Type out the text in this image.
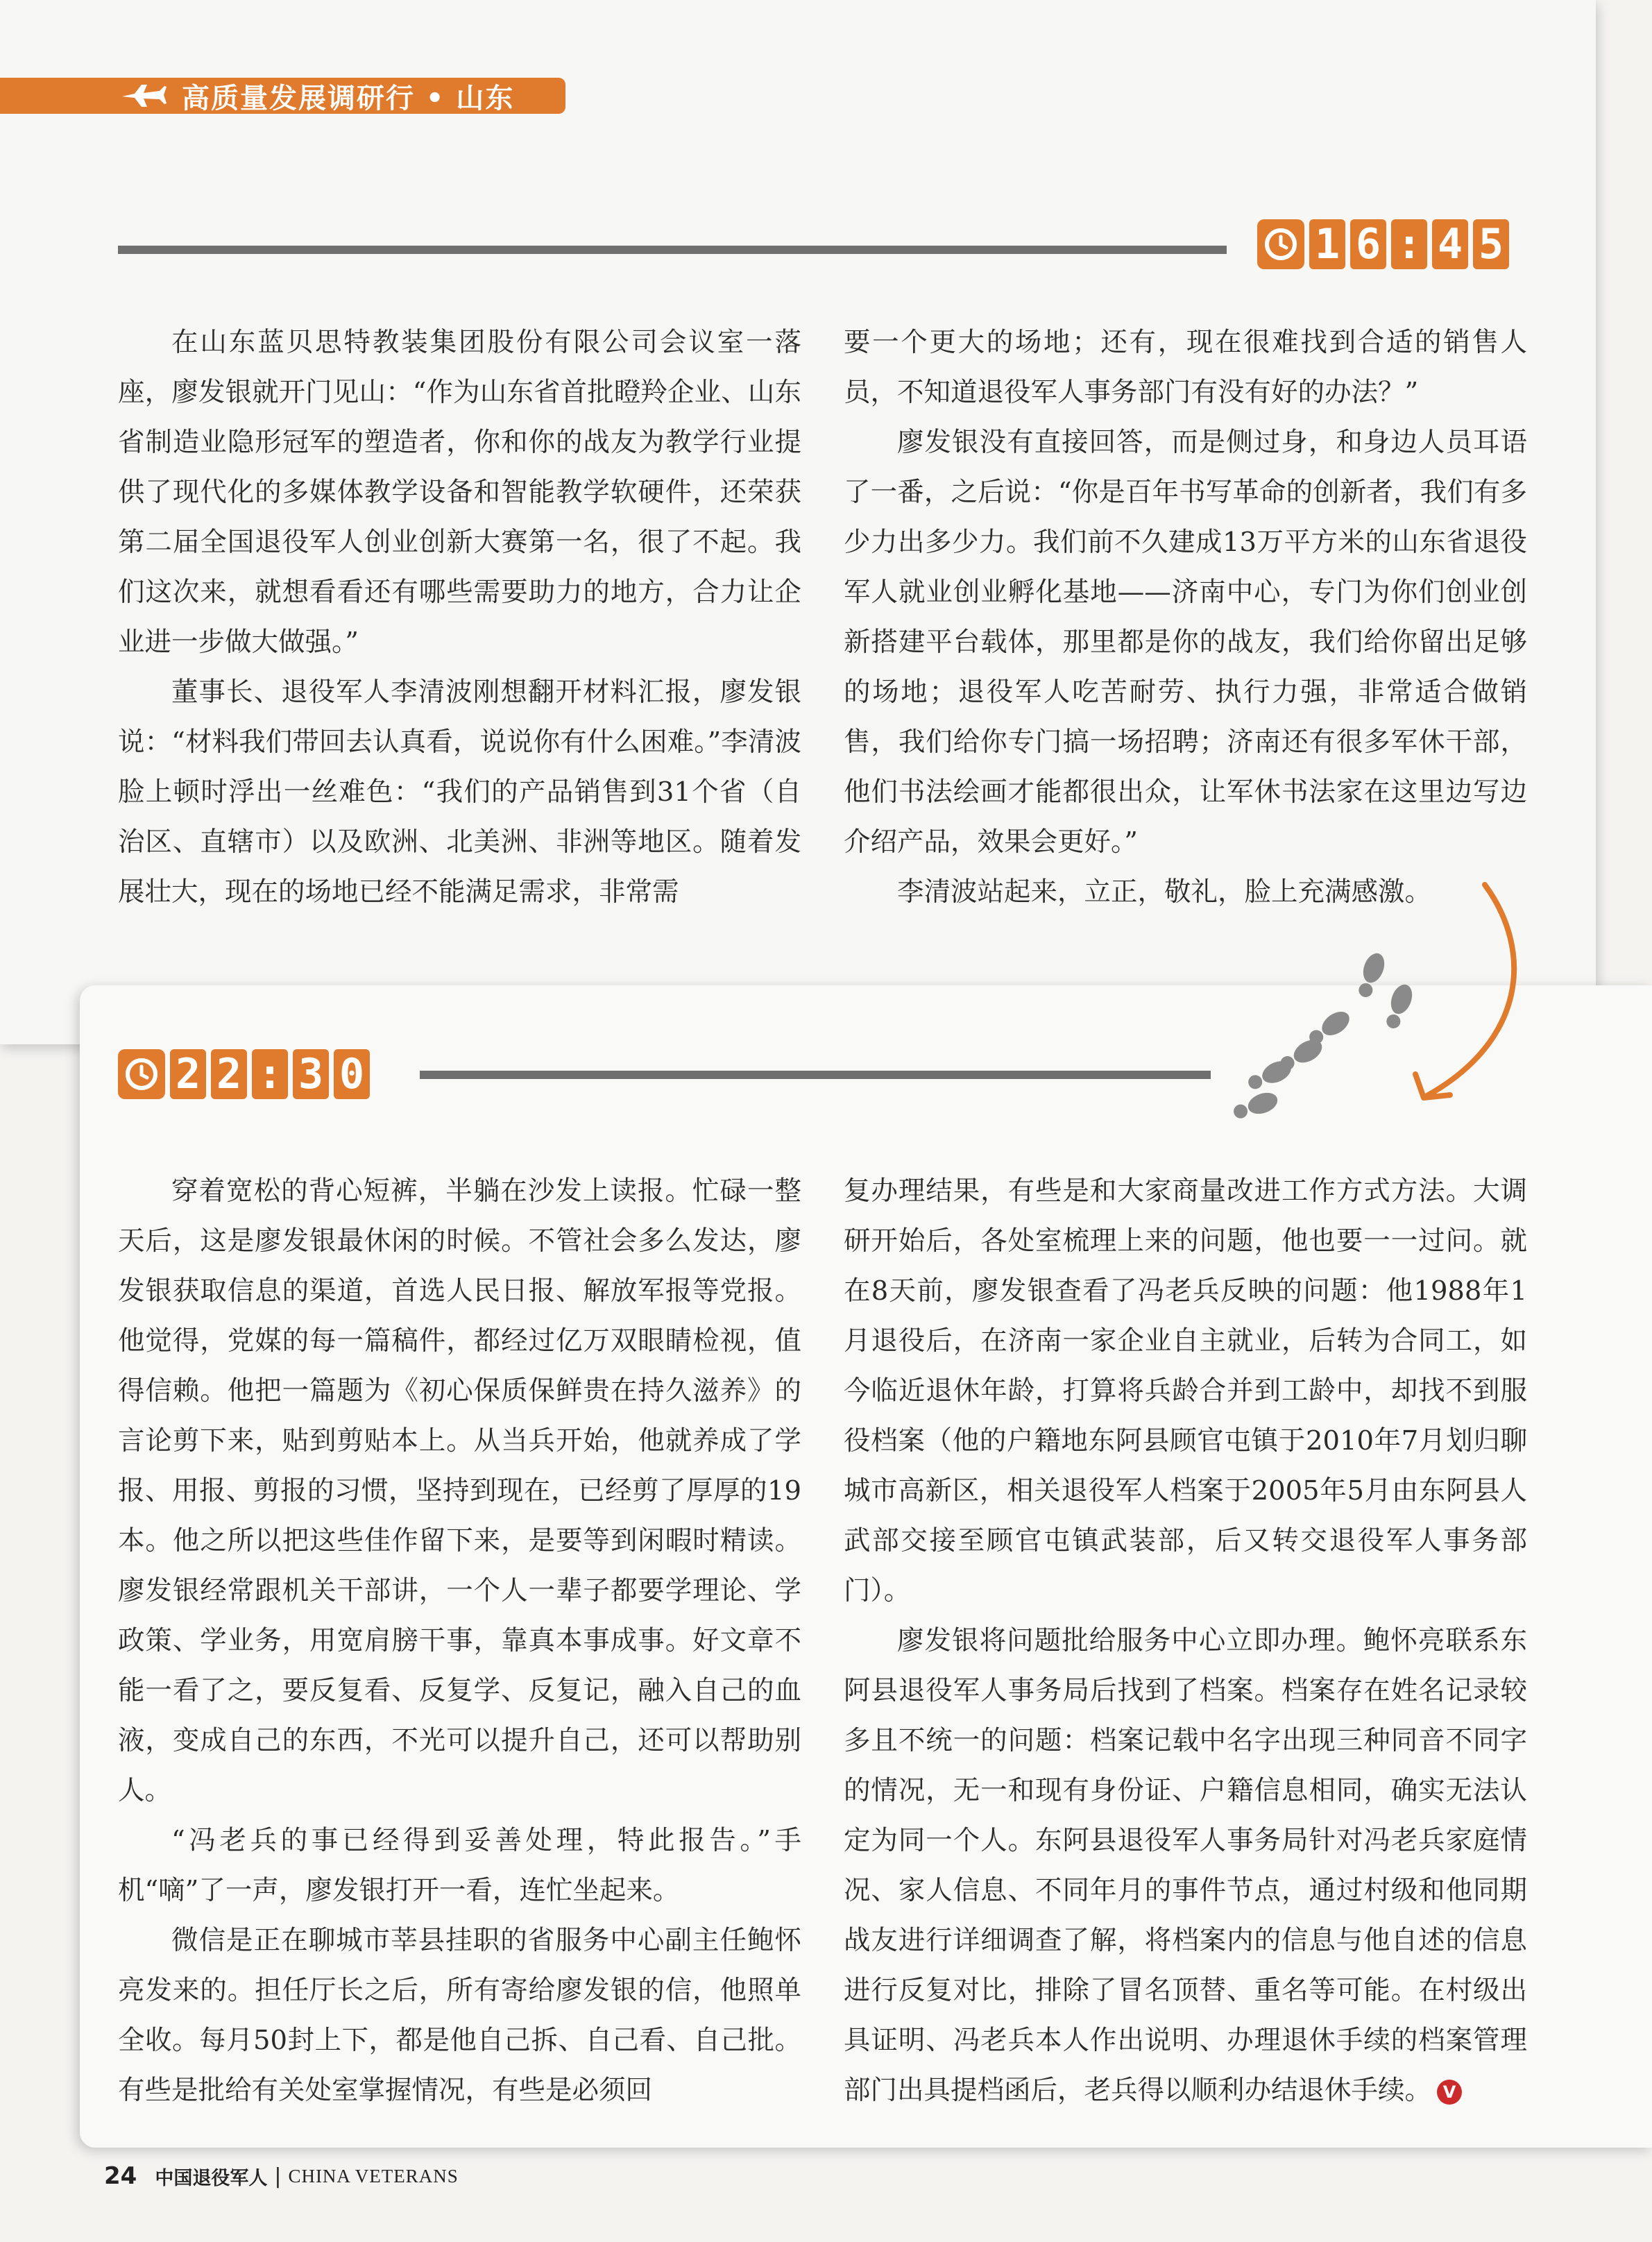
高质量发展调研行 • 山东
1 6 : 4 5

在山东蓝贝思特教装集团股份有限公司会议室一落座，廖发银就开门见山：“作为山东省首批瞪羚企业、山东省制造业隐形冠军的塑造者，你和你的战友为教学行业提供了现代化的多媒体教学设备和智能教学软硬件，还荣获第二届全国退役军人创业创新大赛第一名，很了不起。我们这次来，就想看看还有哪些需要助力的地方，合力让企业进一步做大做强。”

董事长、退役军人李清波刚想翻开材料汇报，廖发银说：“材料我们带回去认真看，说说你有什么困难。”李清波脸上顿时浮出一丝难色：“我们的产品销售到31个省（自治区、直辖市）以及欧洲、北美洲、非洲等地区。随着发展壮大，现在的场地已经不能满足需求，非常需

要一个更大的场地；还有，现在很难找到合适的销售人员，不知道退役军人事务部门有没有好的办法？”

廖发银没有直接回答，而是侧过身，和身边人员耳语了一番，之后说：“你是百年书写革命的创新者，我们有多少力出多少力。我们前不久建成13万平方米的山东省退役军人就业创业孵化基地——济南中心，专门为你们创业创新搭建平台载体，那里都是你的战友，我们给你留出足够的场地；退役军人吃苦耐劳、执行力强，非常适合做销售，我们给你专门搞一场招聘；济南还有很多军休干部，他们书法绘画才能都很出众，让军休书法家在这里边写边介绍产品，效果会更好。”

李清波站起来，立正，敬礼，脸上充满感激。

2 2 : 3 0

穿着宽松的背心短裤，半躺在沙发上读报。忙碌一整天后，这是廖发银最休闲的时候。不管社会多么发达，廖发银获取信息的渠道，首选人民日报、解放军报等党报。他觉得，党媒的每一篇稿件，都经过亿万双眼睛检视，值得信赖。他把一篇题为《初心保质保鲜贵在持久滋养》的言论剪下来，贴到剪贴本上。从当兵开始，他就养成了学报、用报、剪报的习惯，坚持到现在，已经剪了厚厚的19本。他之所以把这些佳作留下来，是要等到闲暇时精读。廖发银经常跟机关干部讲，一个人一辈子都要学理论、学政策、学业务，用宽肩膀干事，靠真本事成事。好文章不能一看了之，要反复看、反复学、反复记，融入自己的血液，变成自己的东西，不光可以提升自己，还可以帮助别人。

“冯老兵的事已经得到妥善处理，特此报告。”手机“嘀”了一声，廖发银打开一看，连忙坐起来。

微信是正在聊城市莘县挂职的省服务中心副主任鲍怀亮发来的。担任厅长之后，所有寄给廖发银的信，他照单全收。每月50封上下，都是他自己拆、自己看、自己批。有些是批给有关处室掌握情况，有些是必须回

复办理结果，有些是和大家商量改进工作方式方法。大调研开始后，各处室梳理上来的问题，他也要一一过问。就在8天前，廖发银查看了冯老兵反映的问题：他1988年1月退役后，在济南一家企业自主就业，后转为合同工，如今临近退休年龄，打算将兵龄合并到工龄中，却找不到服役档案（他的户籍地东阿县顾官屯镇于2010年7月划归聊城市高新区，相关退役军人档案于2005年5月由东阿县人武部交接至顾官屯镇武装部，后又转交退役军人事务部门）。

廖发银将问题批给服务中心立即办理。鲍怀亮联系东阿县退役军人事务局后找到了档案。档案存在姓名记录较多且不统一的问题：档案记载中名字出现三种同音不同字的情况，无一和现有身份证、户籍信息相同，确实无法认定为同一个人。东阿县退役军人事务局针对冯老兵家庭情况、家人信息、不同年月的事件节点，通过村级和他同期战友进行详细调查了解，将档案内的信息与他自述的信息进行反复对比，排除了冒名顶替、重名等可能。在村级出具证明、冯老兵本人作出说明、办理退休手续的档案管理部门出具提档函后，老兵得以顺利办结退休手续。 V

24 中国退役军人 | CHINA VETERANS
